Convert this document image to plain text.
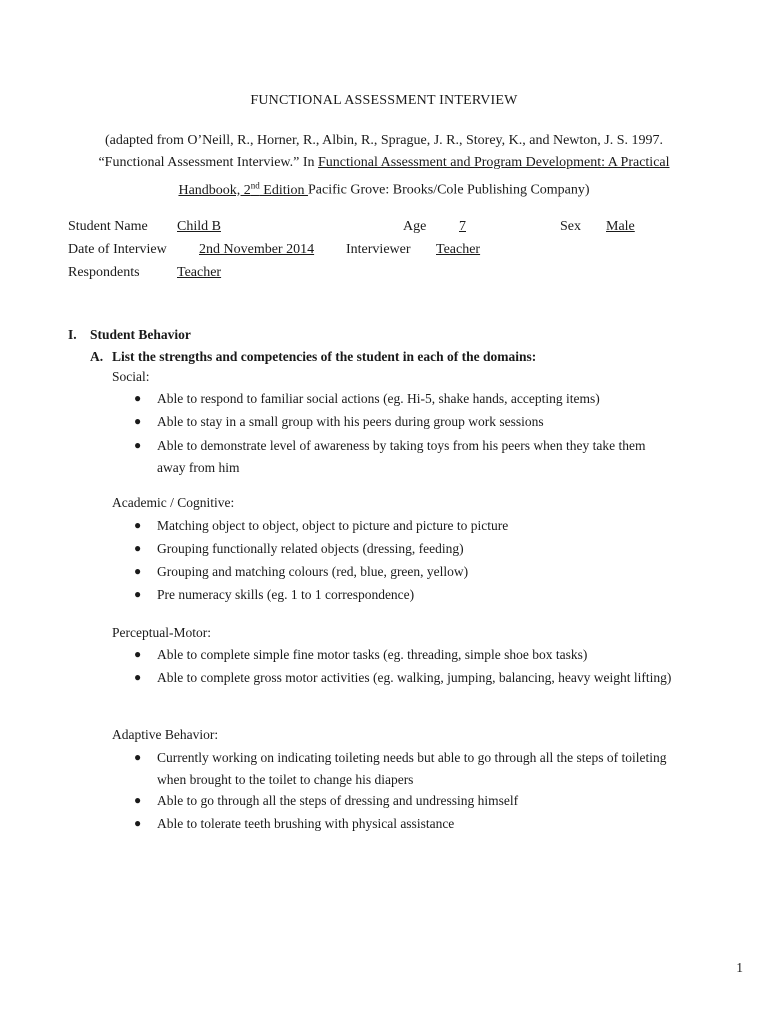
FUNCTIONAL ASSESSMENT INTERVIEW
(adapted from O’Neill, R., Horner, R., Albin, R., Sprague, J. R., Storey, K., and Newton, J. S. 1997.
“Functional Assessment Interview.” In Functional Assessment and Program Development: A Practical
Handbook, 2nd Edition Pacific Grove: Brooks/Cole Publishing Company)
Student Name Child B	Age 7	Sex Male
Date of Interview 2nd November 2014 Interviewer Teacher
Respondents	Teacher
I. Student Behavior
A. List the strengths and competencies of the student in each of the domains:
Social:
● Able to respond to familiar social actions (eg. Hi-5, shake hands, accepting items)
● Able to stay in a small group with his peers during group work sessions
● Able to demonstrate level of awareness by taking toys from his peers when they take them away from him
Academic / Cognitive:
● Matching object to object, object to picture and picture to picture
● Grouping functionally related objects (dressing, feeding)
● Grouping and matching colours (red, blue, green, yellow)
● Pre numeracy skills (eg. 1 to 1 correspondence)
Perceptual-Motor:
● Able to complete simple fine motor tasks (eg. threading, simple shoe box tasks)
● Able to complete gross motor activities (eg. walking, jumping, balancing, heavy weight lifting)
Adaptive Behavior:
● Currently working on indicating toileting needs but able to go through all the steps of toileting when brought to the toilet to change his diapers
● Able to go through all the steps of dressing and undressing himself
● Able to tolerate teeth brushing with physical assistance
1
